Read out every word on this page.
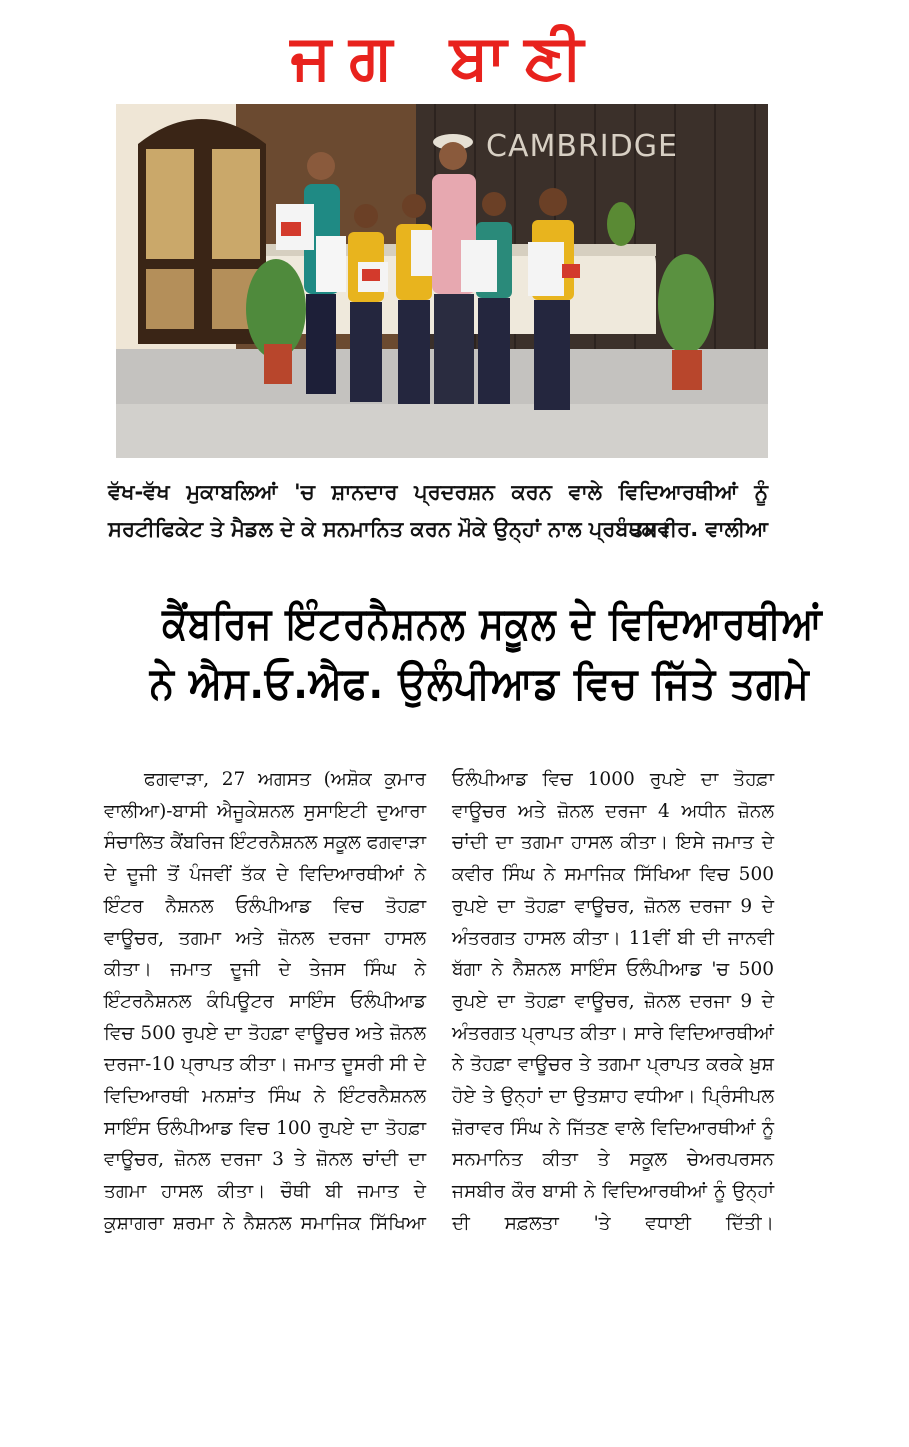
ਜਗ ਬਾਣੀ
CAMBRIDGE
ਵੱਖ-ਵੱਖ ਮੁਕਾਬਲਿਆਂ 'ਚ ਸ਼ਾਨਦਾਰ ਪ੍ਰਦਰਸ਼ਨ ਕਰਨ ਵਾਲੇ ਵਿਦਿਆਰਥੀਆਂ ਨੂੰ ਸਰਟੀਫਿਕੇਟ ਤੇ ਮੈਡਲ ਦੇ ਕੇ ਸਨਮਾਨਿਤ ਕਰਨ ਮੌਕੇ ਉਨ੍ਹਾਂ ਨਾਲ ਪ੍ਰਬੰਧਕ।
ਤਸਵੀਰ. ਵਾਲੀਆ
ਕੈਂਬਰਿਜ ਇੰਟਰਨੈਸ਼ਨਲ ਸਕੂਲ ਦੇ ਵਿਦਿਆਰਥੀਆਂ
ਨੇ ਐਸ.ਓ.ਐਫ. ਉਲੰਪੀਆਡ ਵਿਚ ਜਿੱਤੇ ਤਗਮੇ

ਫਗਵਾੜਾ, 27 ਅਗਸਤ (ਅਸ਼ੋਕ ਕੁਮਾਰ ਵਾਲੀਆ)-ਬਾਸੀ ਐਜੂਕੇਸ਼ਨਲ ਸੁਸਾਇਟੀ ਦੁਆਰਾ ਸੰਚਾਲਿਤ ਕੈਂਬਰਿਜ ਇੰਟਰਨੈਸ਼ਨਲ ਸਕੂਲ ਫਗਵਾੜਾ ਦੇ ਦੂਜੀ ਤੋਂ ਪੰਜਵੀਂ ਤੱਕ ਦੇ ਵਿਦਿਆਰਥੀਆਂ ਨੇ ਇੰਟਰ ਨੈਸ਼ਨਲ ਓਲੰਪੀਆਡ ਵਿਚ ਤੋਹਫ਼ਾ ਵਾਊਚਰ, ਤਗਮਾ ਅਤੇ ਜ਼ੋਨਲ ਦਰਜਾ ਹਾਸਲ ਕੀਤਾ। ਜਮਾਤ ਦੂਜੀ ਦੇ ਤੇਜਸ ਸਿੰਘ ਨੇ ਇੰਟਰਨੈਸ਼ਨਲ ਕੰਪਿਊਟਰ ਸਾਇੰਸ ਓਲੰਪੀਆਡ ਵਿਚ 500 ਰੁਪਏ ਦਾ ਤੋਹਫ਼ਾ ਵਾਊਚਰ ਅਤੇ ਜ਼ੋਨਲ ਦਰਜਾ-10 ਪ੍ਰਾਪਤ ਕੀਤਾ। ਜਮਾਤ ਦੂਸਰੀ ਸੀ ਦੇ ਵਿਦਿਆਰਥੀ ਮਨਸ਼ਾਂਤ ਸਿੰਘ ਨੇ ਇੰਟਰਨੈਸ਼ਨਲ ਸਾਇੰਸ ਓਲੰਪੀਆਡ ਵਿਚ 100 ਰੁਪਏ ਦਾ ਤੋਹਫ਼ਾ ਵਾਊਚਰ, ਜ਼ੋਨਲ ਦਰਜਾ 3 ਤੇ ਜ਼ੋਨਲ ਚਾਂਦੀ ਦਾ ਤਗਮਾ ਹਾਸਲ ਕੀਤਾ। ਚੌਥੀ ਬੀ ਜਮਾਤ ਦੇ ਕੁਸ਼ਾਗਰਾ ਸ਼ਰਮਾ ਨੇ ਨੈਸ਼ਨਲ ਸਮਾਜਿਕ ਸਿੱਖਿਆ

ਓਲੰਪੀਆਡ ਵਿਚ 1000 ਰੁਪਏ ਦਾ ਤੋਹਫ਼ਾ ਵਾਊਚਰ ਅਤੇ ਜ਼ੋਨਲ ਦਰਜਾ 4 ਅਧੀਨ ਜ਼ੋਨਲ ਚਾਂਦੀ ਦਾ ਤਗਮਾ ਹਾਸਲ ਕੀਤਾ। ਇਸੇ ਜਮਾਤ ਦੇ ਕਵੀਰ ਸਿੰਘ ਨੇ ਸਮਾਜਿਕ ਸਿੱਖਿਆ ਵਿਚ 500 ਰੁਪਏ ਦਾ ਤੋਹਫ਼ਾ ਵਾਊਚਰ, ਜ਼ੋਨਲ ਦਰਜਾ 9 ਦੇ ਅੰਤਰਗਤ ਹਾਸਲ ਕੀਤਾ। 11ਵੀਂ ਬੀ ਦੀ ਜਾਨਵੀ ਬੱਗਾ ਨੇ ਨੈਸ਼ਨਲ ਸਾਇੰਸ ਓਲੰਪੀਆਡ 'ਚ 500 ਰੁਪਏ ਦਾ ਤੋਹਫ਼ਾ ਵਾਊਚਰ, ਜ਼ੋਨਲ ਦਰਜਾ 9 ਦੇ ਅੰਤਰਗਤ ਪ੍ਰਾਪਤ ਕੀਤਾ। ਸਾਰੇ ਵਿਦਿਆਰਥੀਆਂ ਨੇ ਤੋਹਫ਼ਾ ਵਾਊਚਰ ਤੇ ਤਗਮਾ ਪ੍ਰਾਪਤ ਕਰਕੇ ਖ਼ੁਸ਼ ਹੋਏ ਤੇ ਉਨ੍ਹਾਂ ਦਾ ਉਤਸ਼ਾਹ ਵਧੀਆ। ਪ੍ਰਿੰਸੀਪਲ ਜ਼ੋਰਾਵਰ ਸਿੰਘ ਨੇ ਜਿੱਤਣ ਵਾਲੇ ਵਿਦਿਆਰਥੀਆਂ ਨੂੰ ਸਨਮਾਨਿਤ ਕੀਤਾ ਤੇ ਸਕੂਲ ਚੇਅਰਪਰਸਨ ਜਸਬੀਰ ਕੌਰ ਬਾਸੀ ਨੇ ਵਿਦਿਆਰਥੀਆਂ ਨੂੰ ਉਨ੍ਹਾਂ ਦੀ ਸਫ਼ਲਤਾ 'ਤੇ ਵਧਾਈ ਦਿੱਤੀ।
